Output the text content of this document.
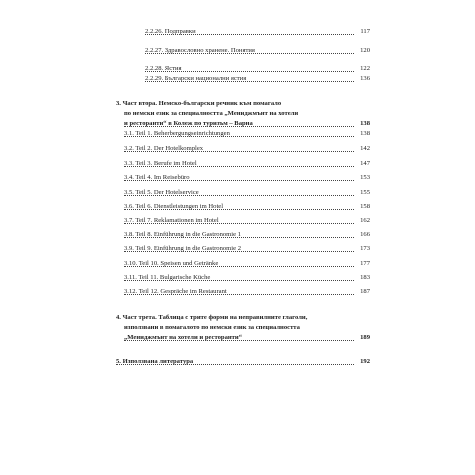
2.2.26. Подправки	117
2.2.27. Здравословно хранене. Понятия	120
2.2.28. Ястия	122
2.2.29. Български национални ястия	136
3. Част втора. Немско-български речник към помагало
по немски език за специалността „Мениджмънт на хотели
и ресторанти“ в Колеж по туризъм – Варна	138
3.1. Teil 1. Beherbergungseinrichtungen	138
3.2. Teil 2. Der Hotelkomplex	142
3.3. Teil 3. Berufe im Hotel	147
3.4. Teil 4. Im Reisebüro	153
3.5. Teil 5. Der Hotelservice	155
3.6. Teil 6. Dienstleistungen im Hotel	158
3.7. Teil 7. Reklamationen im Hotel	162
3.8. Teil 8. Einführung in die Gastronomie 1	166
3.9. Teil 9. Einführung in die Gastronomie 2	173
3.10. Teil 10. Speisen und Getränke	177
3.11. Teil 11. Bulgarische Küche	183
3.12. Teil 12. Gespräche im Restaurant	187
4. Част трета. Таблица с трите форми на неправилните глаголи,
използвани в помагалото по немски език за специалността
„Мениджмънт на хотели и ресторанти“	189
5. Използвана литература	192
